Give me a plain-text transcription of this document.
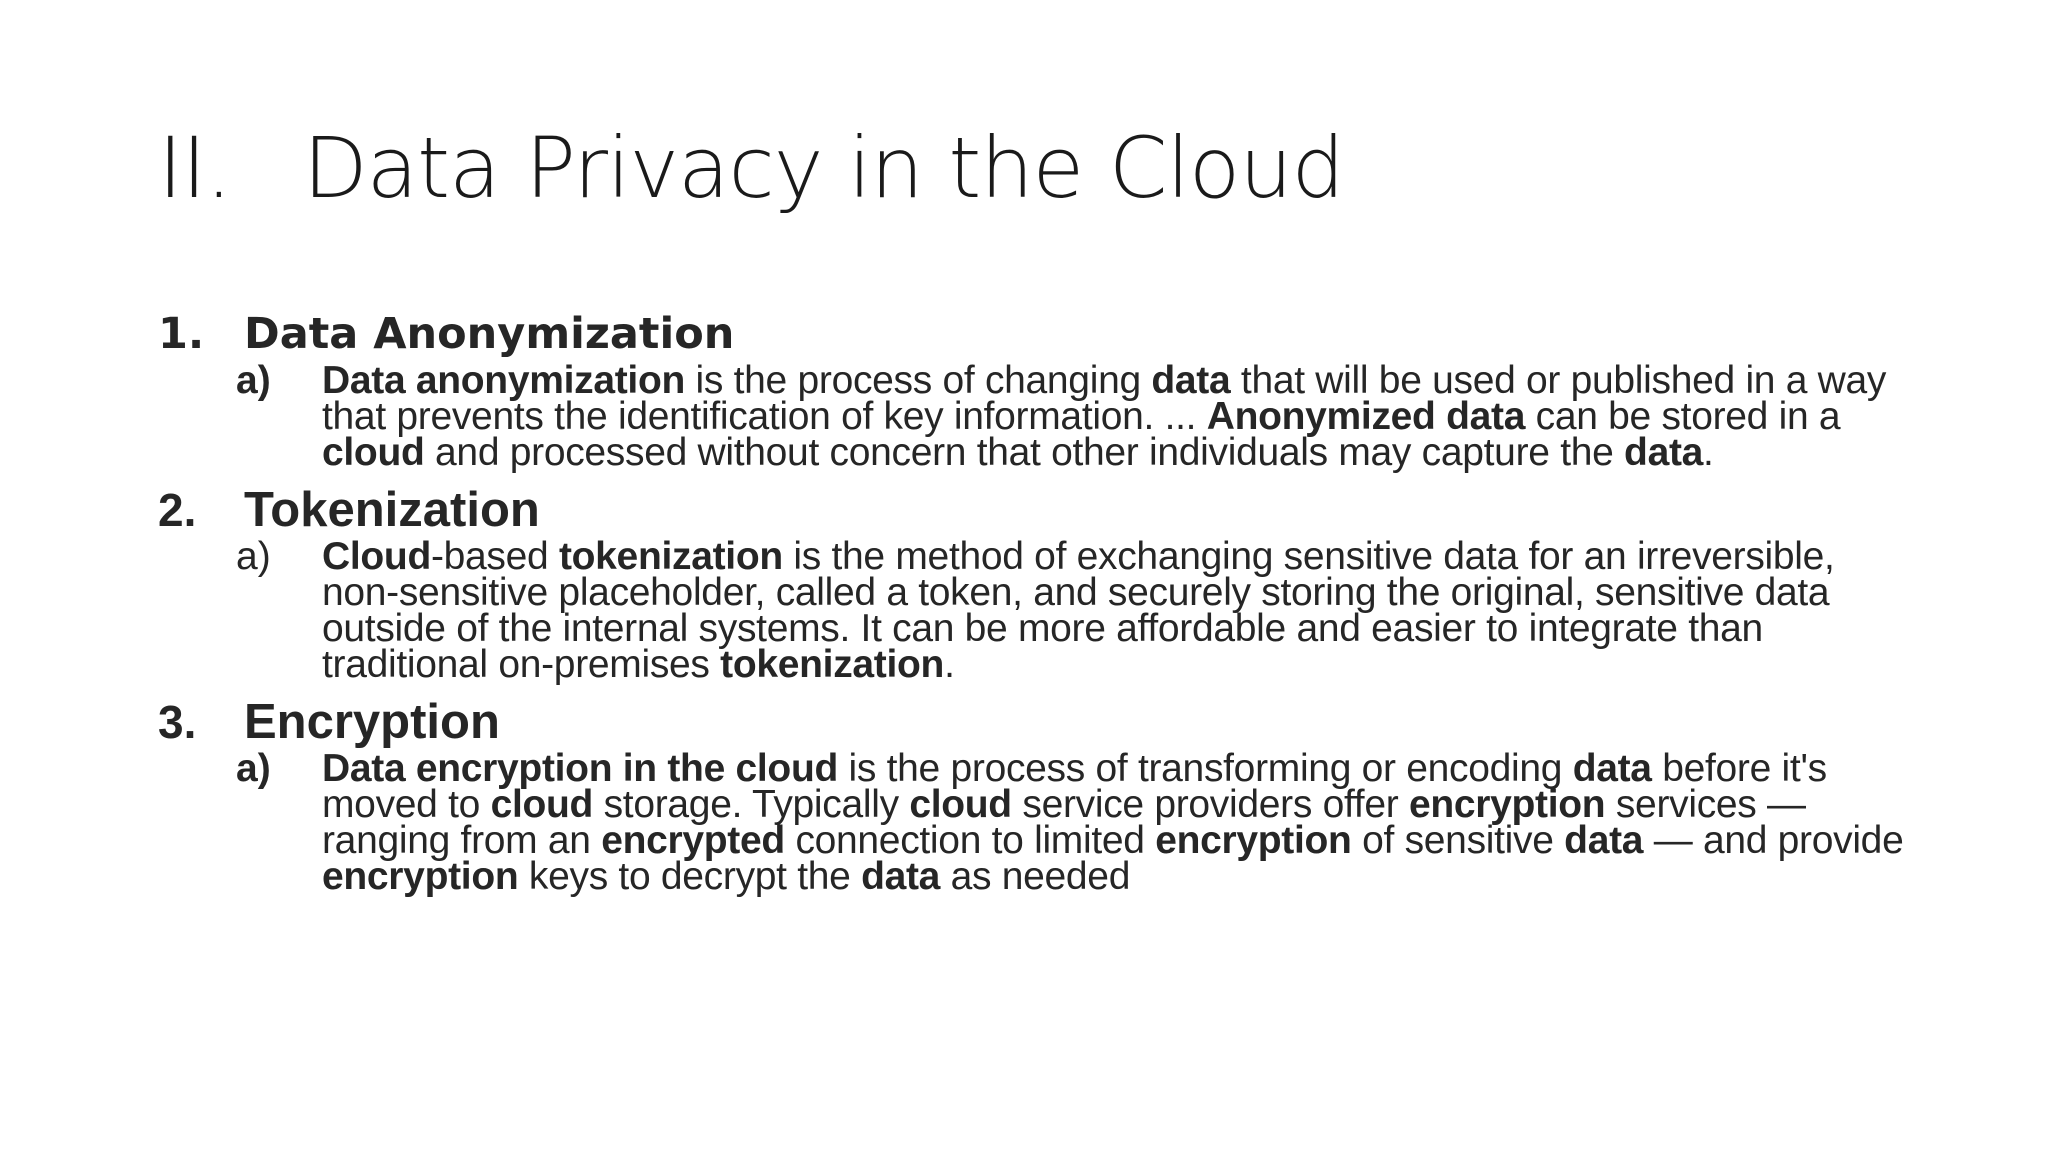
II. Data Privacy in the Cloud
1. Data Anonymization
a)	Data anonymization is the process of changing data that will be used or published in a way that prevents the identification of key information. ... Anonymized data can be stored in a cloud and processed without concern that other individuals may capture the data.
2. Tokenization
a)	Cloud-based tokenization is the method of exchanging sensitive data for an irreversible, non-sensitive placeholder, called a token, and securely storing the original, sensitive data outside of the internal systems. It can be more affordable and easier to integrate than traditional on-premises tokenization.
3. Encryption
a)	Data encryption in the cloud is the process of transforming or encoding data before it's moved to cloud storage. Typically cloud service providers offer encryption services — ranging from an encrypted connection to limited encryption of sensitive data — and provide encryption keys to decrypt the data as needed
